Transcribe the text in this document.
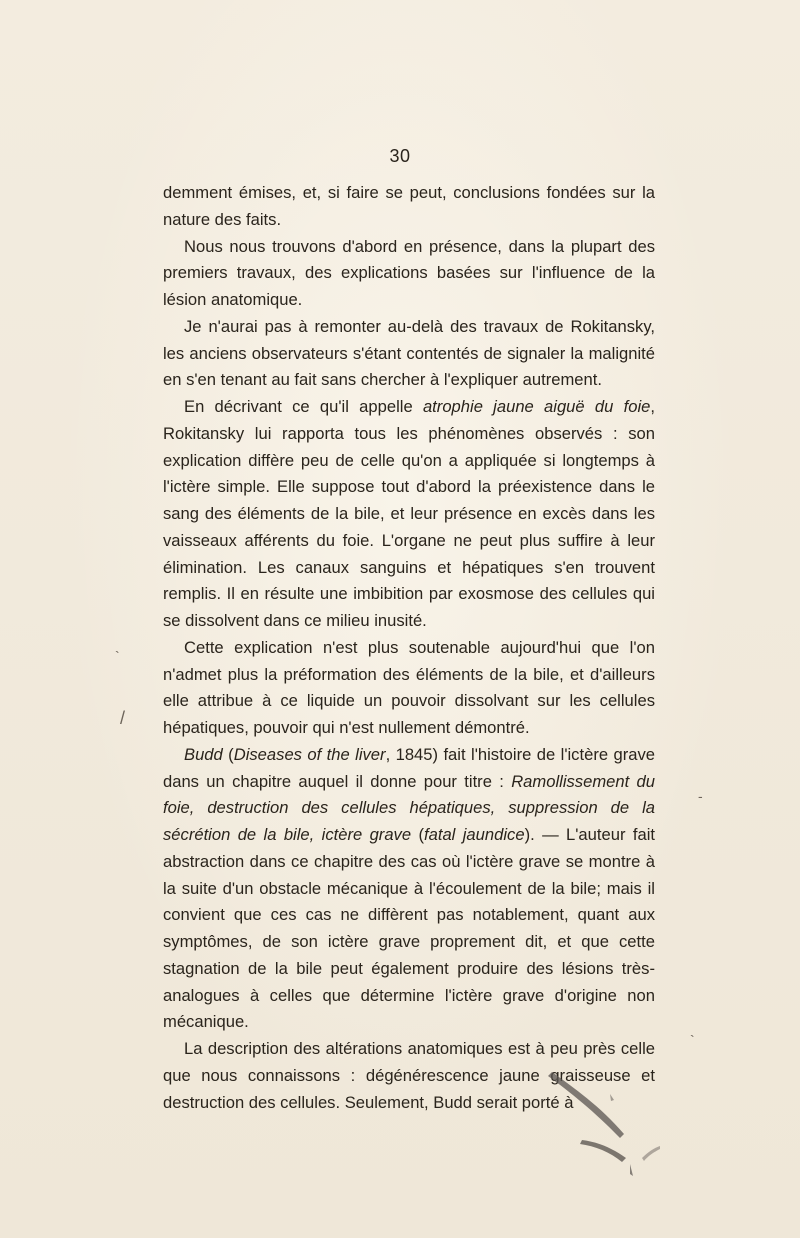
30

demment émises, et, si faire se peut, conclusions fondées sur la nature des faits.

Nous nous trouvons d'abord en présence, dans la plupart des premiers travaux, des explications basées sur l'influence de la lésion anatomique.

Je n'aurai pas à remonter au-delà des travaux de Rokitansky, les anciens observateurs s'étant contentés de signaler la malignité en s'en tenant au fait sans chercher à l'expliquer autrement.

En décrivant ce qu'il appelle atrophie jaune aiguë du foie, Rokitansky lui rapporta tous les phénomènes observés : son explication diffère peu de celle qu'on a appliquée si longtemps à l'ictère simple. Elle suppose tout d'abord la préexistence dans le sang des éléments de la bile, et leur présence en excès dans les vaisseaux afférents du foie. L'organe ne peut plus suffire à leur élimination. Les canaux sanguins et hépatiques s'en trouvent remplis. Il en résulte une imbibition par exosmose des cellules qui se dissolvent dans ce milieu inusité.

Cette explication n'est plus soutenable aujourd'hui que l'on n'admet plus la préformation des éléments de la bile, et d'ailleurs elle attribue à ce liquide un pouvoir dissolvant sur les cellules hépatiques, pouvoir qui n'est nullement démontré.

Budd (Diseases of the liver, 1845) fait l'histoire de l'ictère grave dans un chapitre auquel il donne pour titre : Ramollissement du foie, destruction des cellules hépatiques, suppression de la sécrétion de la bile, ictère grave (fatal jaundice). — L'auteur fait abstraction dans ce chapitre des cas où l'ictère grave se montre à la suite d'un obstacle mécanique à l'écoulement de la bile; mais il convient que ces cas ne diffèrent pas notablement, quant aux symptômes, de son ictère grave proprement dit, et que cette stagnation de la bile peut également produire des lésions très-analogues à celles que détermine l'ictère grave d'origine non mécanique.

La description des altérations anatomiques est à peu près celle que nous connaissons : dégénérescence jaune graisseuse et destruction des cellules. Seulement, Budd serait porté à

`
/
-
`
